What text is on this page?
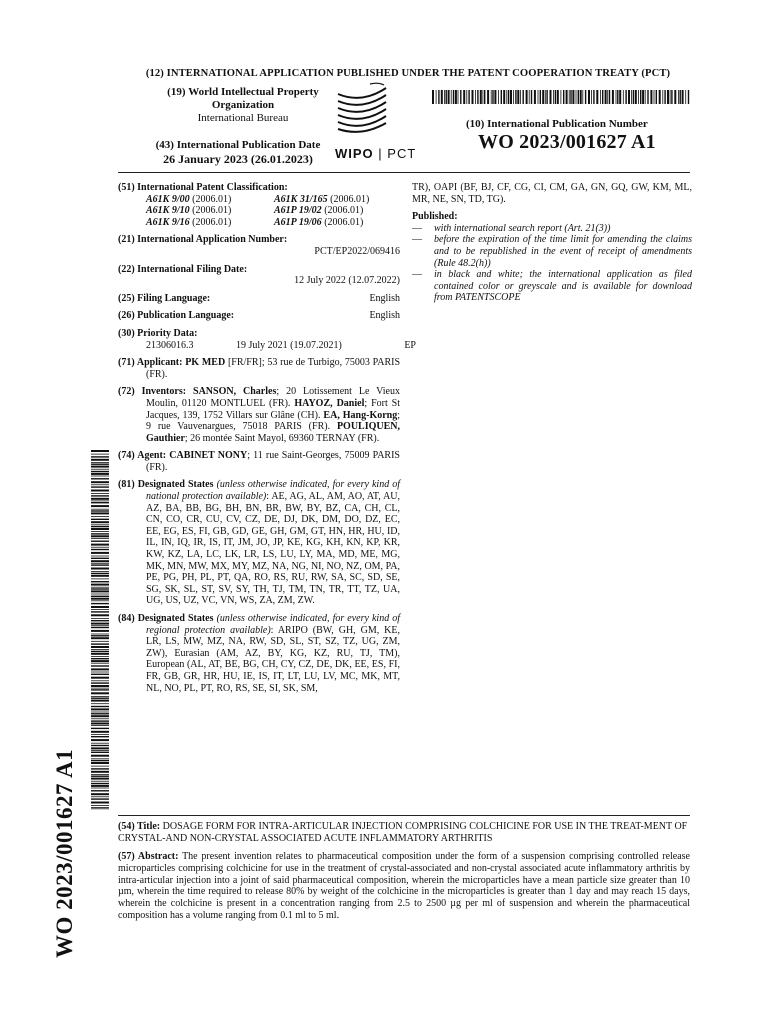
(12) INTERNATIONAL APPLICATION PUBLISHED UNDER THE PATENT COOPERATION TREATY (PCT)
(19) World Intellectual Property
Organization
International Bureau
(43) International Publication Date
26 January 2023 (26.01.2023)	WIPO | PCT
(10) International Publication Number
WO 2023/001627 A1
(51) International Patent Classification:
A61K 9/00 (2006.01)	A61K 31/165 (2006.01)
A61K 9/10 (2006.01)	A61P 19/02 (2006.01)
A61K 9/16 (2006.01)	A61P 19/06 (2006.01)
(21) International Application Number:
PCT/EP2022/069416
(22) International Filing Date:
12 July 2022 (12.07.2022)
(25) Filing Language:	English
(26) Publication Language:	English
(30) Priority Data:
21306016.3	19 July 2021 (19.07.2021)	EP
(71) Applicant: PK MED [FR/FR]; 53 rue de Turbigo, 75003 PARIS (FR).
(72) Inventors: SANSON, Charles; 20 Lotissement Le Vieux Moulin, 01120 MONTLUEL (FR). HAYOZ, Daniel; Fort St Jacques, 139, 1752 Villars sur Glâne (CH). EA, Hang-Korng; 9 rue Vauvenargues, 75018 PARIS (FR). POULIQUEN, Gauthier; 26 montée Saint Mayol, 69360 TERNAY (FR).
(74) Agent: CABINET NONY; 11 rue Saint-Georges, 75009 PARIS (FR).
(81) Designated States (unless otherwise indicated, for every kind of national protection available): AE, AG, AL, AM, AO, AT, AU, AZ, BA, BB, BG, BH, BN, BR, BW, BY, BZ, CA, CH, CL, CN, CO, CR, CU, CV, CZ, DE, DJ, DK, DM, DO, DZ, EC, EE, EG, ES, FI, GB, GD, GE, GH, GM, GT, HN, HR, HU, ID, IL, IN, IQ, IR, IS, IT, JM, JO, JP, KE, KG, KH, KN, KP, KR, KW, KZ, LA, LC, LK, LR, LS, LU, LY, MA, MD, ME, MG, MK, MN, MW, MX, MY, MZ, NA, NG, NI, NO, NZ, OM, PA, PE, PG, PH, PL, PT, QA, RO, RS, RU, RW, SA, SC, SD, SE, SG, SK, SL, ST, SV, SY, TH, TJ, TM, TN, TR, TT, TZ, UA, UG, US, UZ, VC, VN, WS, ZA, ZM, ZW.
(84) Designated States (unless otherwise indicated, for every kind of regional protection available): ARIPO (BW, GH, GM, KE, LR, LS, MW, MZ, NA, RW, SD, SL, ST, SZ, TZ, UG, ZM, ZW), Eurasian (AM, AZ, BY, KG, KZ, RU, TJ, TM), European (AL, AT, BE, BG, CH, CY, CZ, DE, DK, EE, ES, FI, FR, GB, GR, HR, HU, IE, IS, IT, LT, LU, LV, MC, MK, MT, NL, NO, PL, PT, RO, RS, SE, SI, SK, SM,
TR), OAPI (BF, BJ, CF, CG, CI, CM, GA, GN, GQ, GW, KM, ML, MR, NE, SN, TD, TG).
Published:
—	with international search report (Art. 21(3))
—	before the expiration of the time limit for amending the claims and to be republished in the event of receipt of amendments (Rule 48.2(h))
—	in black and white; the international application as filed contained color or greyscale and is available for download from PATENTSCOPE
WO 2023/001627 A1	(54) Title: DOSAGE FORM FOR INTRA-ARTICULAR INJECTION COMPRISING COLCHICINE FOR USE IN THE TREAT-MENT OF CRYSTAL-AND NON-CRYSTAL ASSOCIATED ACUTE INFLAMMATORY ARTHRITIS
(57) Abstract: The present invention relates to pharmaceutical composition under the form of a suspension comprising controlled release microparticles comprising colchicine for use in the treatment of crystal-associated and non-crystal associated acute inflammatory arthritis by intra-articular injection into a joint of said pharmaceutical composition, wherein the microparticles have a mean particle size greater than 10 µm, wherein the time required to release 80% by weight of the colchicine in the microparticles is greater than 1 day and may reach 15 days, wherein the colchicine is present in a concentration ranging from 2.5 to 2500 µg per ml of suspension and wherein the pharmaceutical composition has a volume ranging from 0.1 ml to 5 ml.
